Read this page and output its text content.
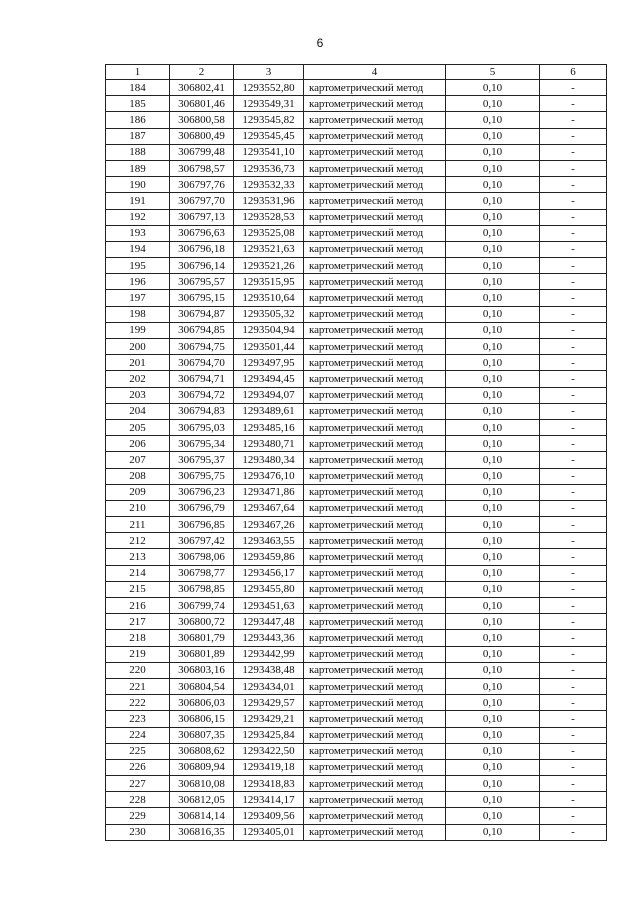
6
1	2	3	4	5	6
184	306802,41	1293552,80	картометрический метод	0,10	-
185	306801,46	1293549,31	картометрический метод	0,10	-
186	306800,58	1293545,82	картометрический метод	0,10	-
187	306800,49	1293545,45	картометрический метод	0,10	-
188	306799,48	1293541,10	картометрический метод	0,10	-
189	306798,57	1293536,73	картометрический метод	0,10	-
190	306797,76	1293532,33	картометрический метод	0,10	-
191	306797,70	1293531,96	картометрический метод	0,10	-
192	306797,13	1293528,53	картометрический метод	0,10	-
193	306796,63	1293525,08	картометрический метод	0,10	-
194	306796,18	1293521,63	картометрический метод	0,10	-
195	306796,14	1293521,26	картометрический метод	0,10	-
196	306795,57	1293515,95	картометрический метод	0,10	-
197	306795,15	1293510,64	картометрический метод	0,10	-
198	306794,87	1293505,32	картометрический метод	0,10	-
199	306794,85	1293504,94	картометрический метод	0,10	-
200	306794,75	1293501,44	картометрический метод	0,10	-
201	306794,70	1293497,95	картометрический метод	0,10	-
202	306794,71	1293494,45	картометрический метод	0,10	-
203	306794,72	1293494,07	картометрический метод	0,10	-
204	306794,83	1293489,61	картометрический метод	0,10	-
205	306795,03	1293485,16	картометрический метод	0,10	-
206	306795,34	1293480,71	картометрический метод	0,10	-
207	306795,37	1293480,34	картометрический метод	0,10	-
208	306795,75	1293476,10	картометрический метод	0,10	-
209	306796,23	1293471,86	картометрический метод	0,10	-
210	306796,79	1293467,64	картометрический метод	0,10	-
211	306796,85	1293467,26	картометрический метод	0,10	-
212	306797,42	1293463,55	картометрический метод	0,10	-
213	306798,06	1293459,86	картометрический метод	0,10	-
214	306798,77	1293456,17	картометрический метод	0,10	-
215	306798,85	1293455,80	картометрический метод	0,10	-
216	306799,74	1293451,63	картометрический метод	0,10	-
217	306800,72	1293447,48	картометрический метод	0,10	-
218	306801,79	1293443,36	картометрический метод	0,10	-
219	306801,89	1293442,99	картометрический метод	0,10	-
220	306803,16	1293438,48	картометрический метод	0,10	-
221	306804,54	1293434,01	картометрический метод	0,10	-
222	306806,03	1293429,57	картометрический метод	0,10	-
223	306806,15	1293429,21	картометрический метод	0,10	-
224	306807,35	1293425,84	картометрический метод	0,10	-
225	306808,62	1293422,50	картометрический метод	0,10	-
226	306809,94	1293419,18	картометрический метод	0,10	-
227	306810,08	1293418,83	картометрический метод	0,10	-
228	306812,05	1293414,17	картометрический метод	0,10	-
229	306814,14	1293409,56	картометрический метод	0,10	-
230	306816,35	1293405,01	картометрический метод	0,10	-
